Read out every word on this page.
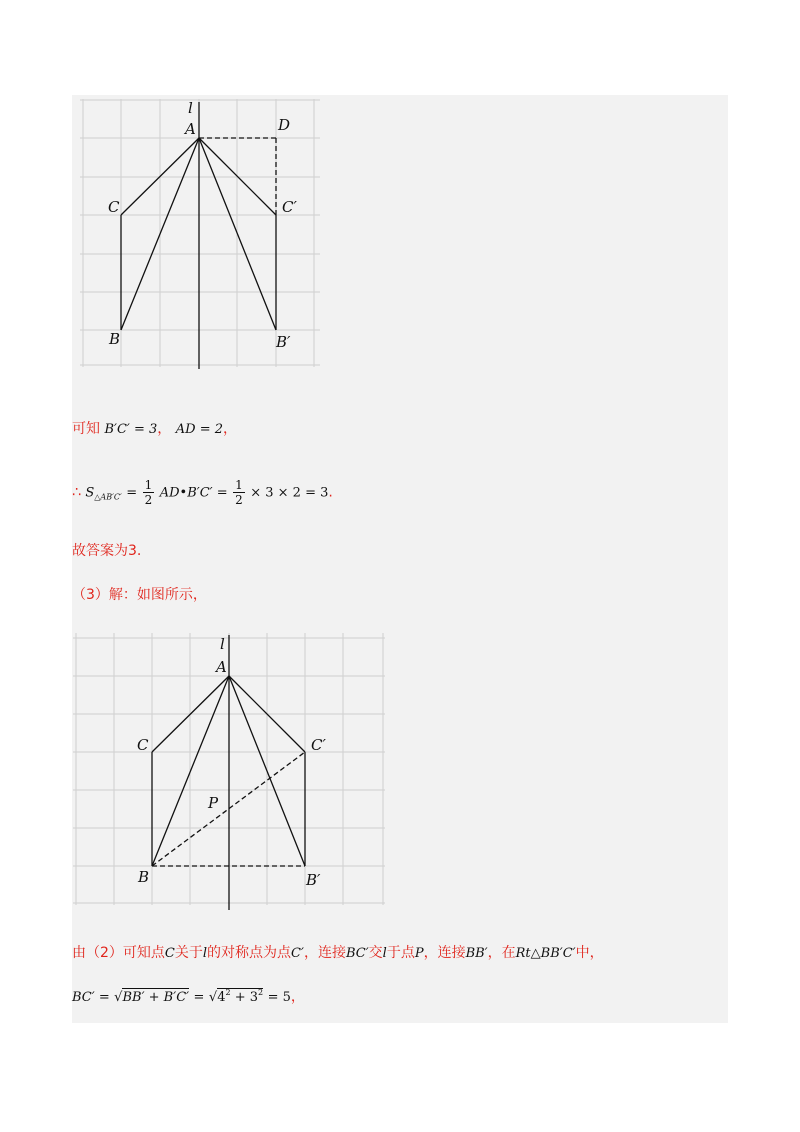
l
A	D
C	C′
B	B′
可知 B′C′ = 3， AD = 2，
∴ $S_{\triangle AB'C'} = \frac{1}{2}$ AD•B′C′ = $\frac{1}{2} \times 3 \times 2 = 3$.
故答案为3.
（3）解：如图所示，
l
A
C	C′
P
B	B′
由（2）可知点C关于l的对称点为点C′，连接BC′交l于点P，连接BB′，在Rt△BB′C′中，
$BC' = √BB' + B'C' = √4^2 + 3^2 = 5$，
